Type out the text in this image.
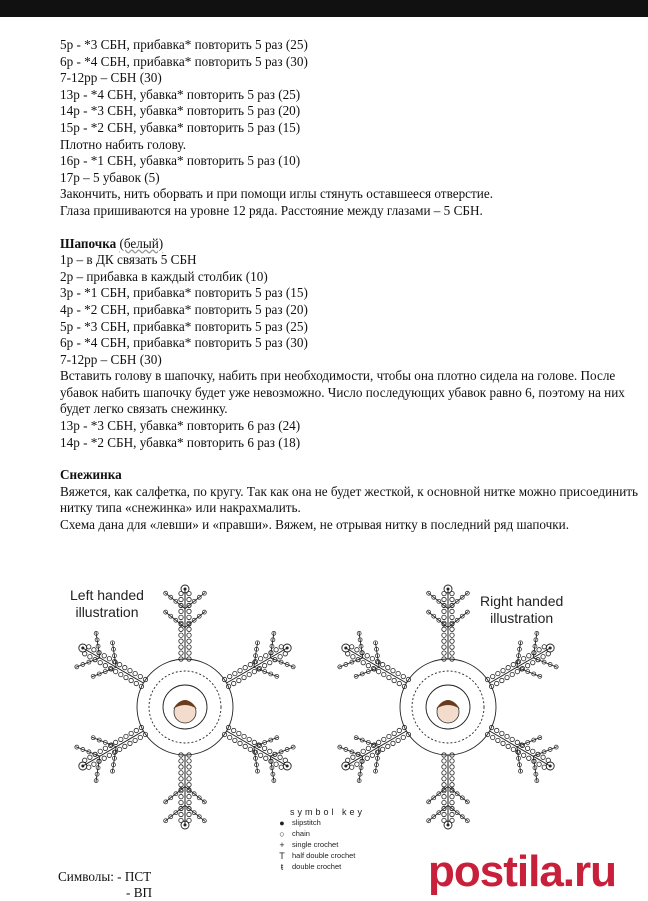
5р - *3 СБН, прибавка* повторить 5 раз (25)
6р - *4 СБН, прибавка* повторить 5 раз (30)
7-12рр – СБН (30)
13р - *4 СБН, убавка* повторить 5 раз (25)
14р - *3 СБН, убавка* повторить 5 раз (20)
15р - *2 СБН, убавка* повторить 5 раз (15)
Плотно набить голову.
16р - *1 СБН, убавка* повторить 5 раз (10)
17р – 5 убавок (5)
Закончить, нить оборвать и при помощи иглы стянуть оставшееся отверстие.
Глаза пришиваются на уровне 12 ряда. Расстояние между глазами – 5 СБН.
Шапочка (белый)
1р – в ДК связать 5 СБН
2р – прибавка в каждый столбик (10)
3р - *1 СБН, прибавка* повторить 5 раз (15)
4р - *2 СБН, прибавка* повторить 5 раз (20)
5р - *3 СБН, прибавка* повторить 5 раз (25)
6р - *4 СБН, прибавка* повторить 5 раз (30)
7-12рр – СБН (30)
Вставить голову в шапочку, набить при необходимости, чтобы она плотно сидела на голове. После убавок набить шапочку будет уже невозможно. Число последующих убавок равно 6, поэтому на них будет легко связать снежинку.
13р - *3 СБН, убавка* повторить 6 раз (24)
14р - *2 СБН, убавка* повторить 6 раз (18)
Снежинка
Вяжется, как салфетка, по кругу. Так как она не будет жесткой, к основной нитке можно присоединить нитку типа «снежинка» или накрахмалить.
Схема дана для «левши» и «правши». Вяжем, не отрывая нитку в последний ряд шапочки.
Left handed
illustration
Right handed
illustration
symbol key
● slipstitch
○ chain
+ single crochet
T half double crochet
ŧ	double crochet
Символы: - ПСТ
- ВП	postila.ru
